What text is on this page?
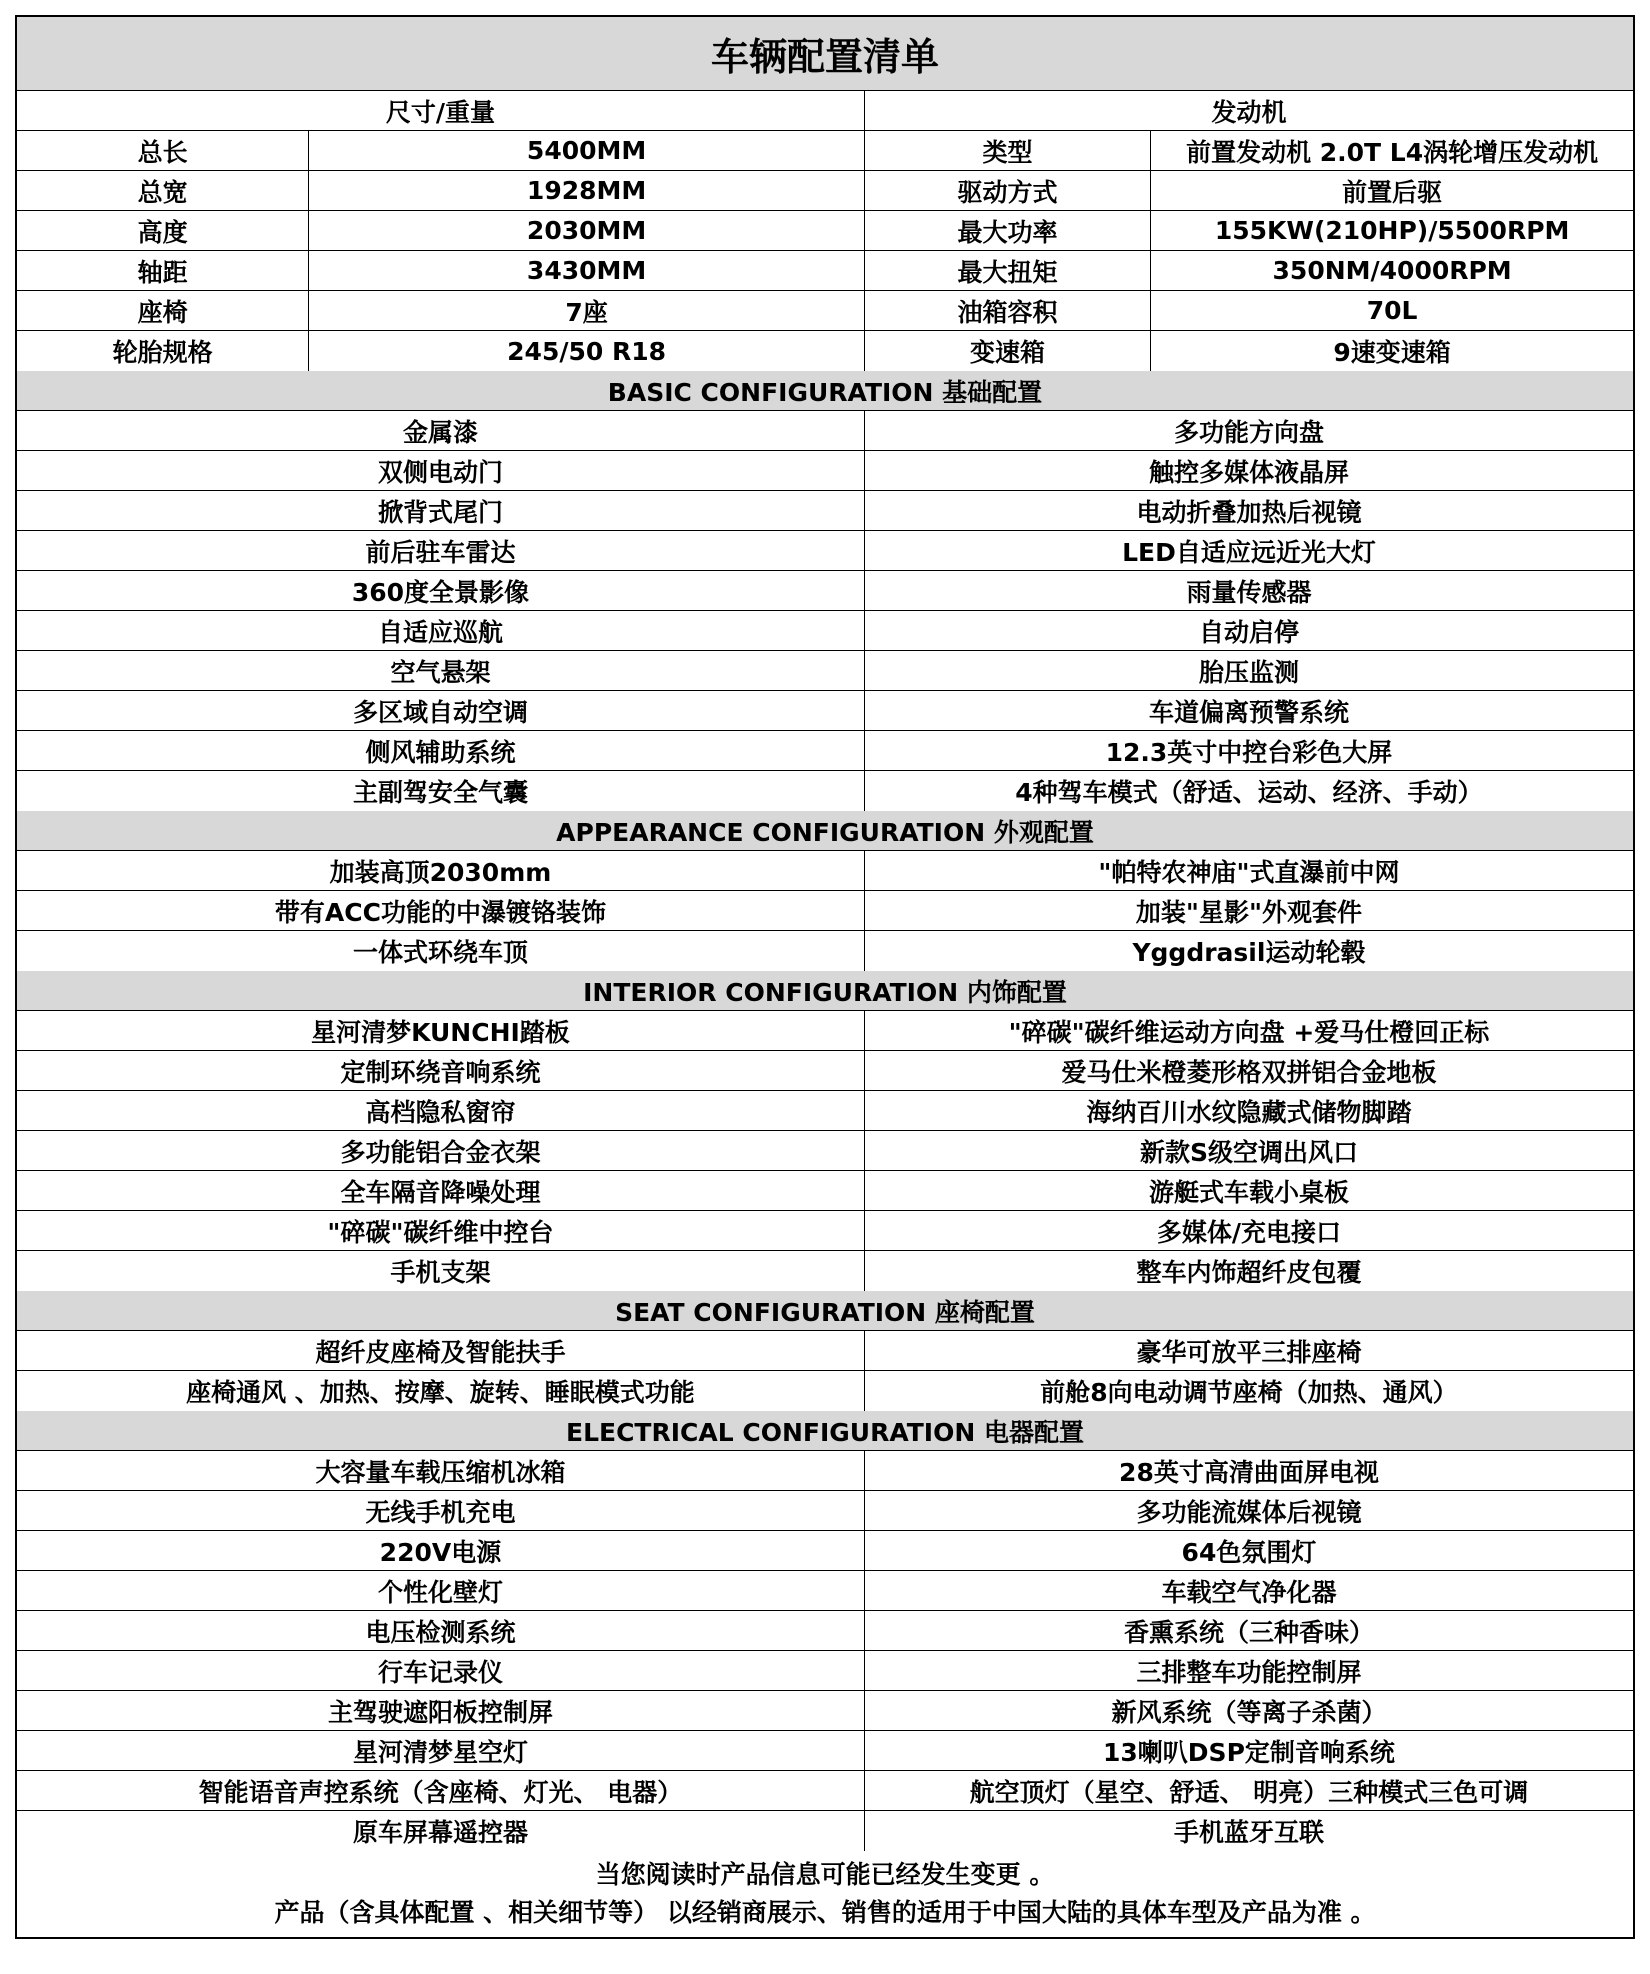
车辆配置清单
尺寸/重量	发动机
总长	5400MM	类型	前置发动机 2.0T L4涡轮增压发动机
总宽	1928MM	驱动方式	前置后驱
高度	2030MM	最大功率	155KW(210HP)/5500RPM
轴距	3430MM	最大扭矩	350NM/4000RPM
座椅	7座	油箱容积	70L
轮胎规格	245/50 R18	变速箱	9速变速箱
BASIC CONFIGURATION 基础配置
金属漆	多功能方向盘
双侧电动门	触控多媒体液晶屏
掀背式尾门	电动折叠加热后视镜
前后驻车雷达	LED自适应远近光大灯
360度全景影像	雨量传感器
自适应巡航	自动启停
空气悬架	胎压监测
多区域自动空调	车道偏离预警系统
侧风辅助系统	12.3英寸中控台彩色大屏
主副驾安全气囊	4种驾车模式（舒适、运动、经济、手动）
APPEARANCE CONFIGURATION 外观配置
加装高顶2030mm	"帕特农神庙"式直瀑前中网
带有ACC功能的中瀑镀铬装饰	加装"星影"外观套件
一体式环绕车顶	Yggdrasil运动轮毂
INTERIOR CONFIGURATION 内饰配置
星河清梦KUNCHI踏板	"碎碳"碳纤维运动方向盘 +爱马仕橙回正标
定制环绕音响系统	爱马仕米橙菱形格双拼铝合金地板
高档隐私窗帘	海纳百川水纹隐藏式储物脚踏
多功能铝合金衣架	新款S级空调出风口
全车隔音降噪处理	游艇式车载小桌板
"碎碳"碳纤维中控台	多媒体/充电接口
手机支架	整车内饰超纤皮包覆
SEAT CONFIGURATION 座椅配置
超纤皮座椅及智能扶手	豪华可放平三排座椅
座椅通风 、加热、按摩、旋转、睡眠模式功能	前舱8向电动调节座椅（加热、通风）
ELECTRICAL CONFIGURATION 电器配置
大容量车载压缩机冰箱	28英寸高清曲面屏电视
无线手机充电	多功能流媒体后视镜
220V电源	64色氛围灯
个性化壁灯	车载空气净化器
电压检测系统	香熏系统（三种香味）
行车记录仪	三排整车功能控制屏
主驾驶遮阳板控制屏	新风系统（等离子杀菌）
星河清梦星空灯	13喇叭DSP定制音响系统
智能语音声控系统（含座椅、灯光、 电器）	航空顶灯（星空、舒适、 明亮）三种模式三色可调
原车屏幕遥控器	手机蓝牙互联
当您阅读时产品信息可能已经发生变更 。
产品（含具体配置 、相关细节等） 以经销商展示、销售的适用于中国大陆的具体车型及产品为准 。
